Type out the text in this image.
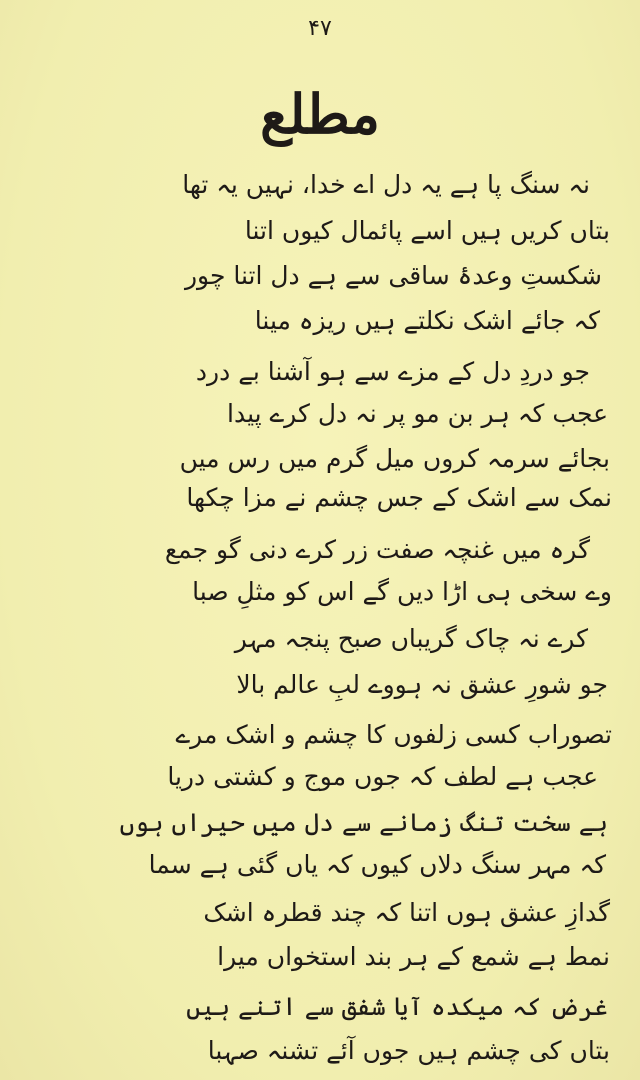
۴۷
مطلع
نہ سنگ پا ہے یہ دل اے خدا، نہیں یہ تھا
بتاں کریں ہیں اسے پائمال کیوں اتنا
شکستِ وعدۂ ساقی سے ہے دل اتنا چور
کہ جائے اشک نکلتے ہیں ریزہ مینا
جو دردِ دل کے مزے سے ہو آشنا بے درد
عجب کہ ہر بن مو پر نہ دل کرے پیدا
بجائے سرمہ کروں میل گرم میں رس میں
نمک سے اشک کے جس چشم نے مزا چکھا
گرہ میں غنچہ صفت زر کرے دنی گو جمع
وے سخی ہی اڑا دیں گے اس کو مثلِ صبا
کرے نہ چاک گریباں صبح پنجہ مہر
جو شورِ عشق نہ ہووے لبِ عالم بالا
تصوراب کسی زلفوں کا چشم و اشک مرے
عجب ہے لطف کہ جوں موج و کشتی دریا
ہے سخت تنگ زمانے سے دل میں حیراں ہوں
کہ مہر سنگ دلاں کیوں کہ یاں گئی ہے سما
گدازِ عشق ہوں اتنا کہ چند قطرہ اشک
نمط ہے شمع کے ہر بند استخواں میرا
غرض کہ میکدہ آیا شفق سے اتنے ہیں
بتاں کی چشم ہیں جوں آئے تشنہ صہبا
